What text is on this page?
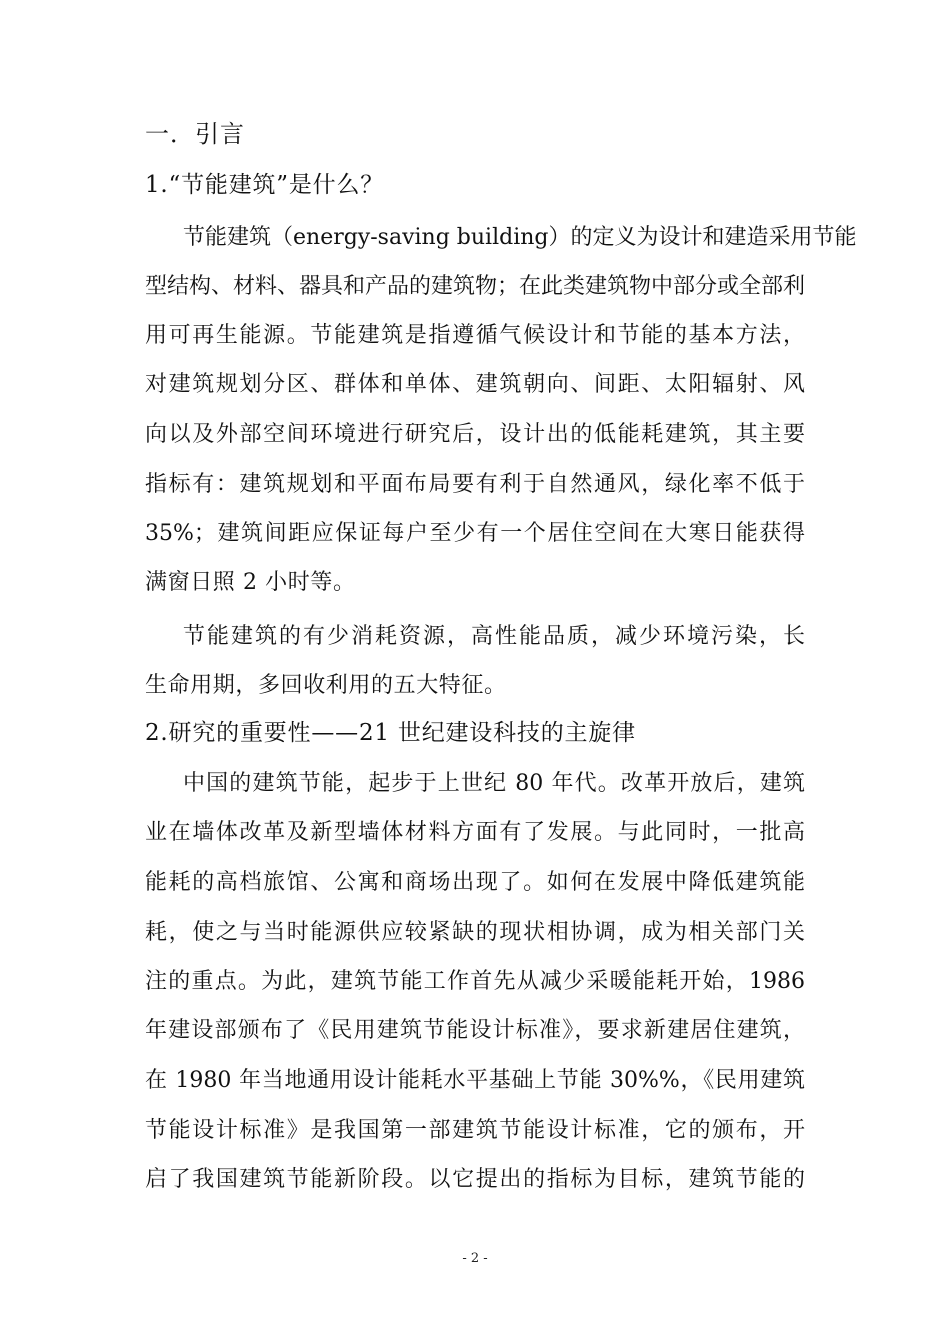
一．引言
1.“节能建筑”是什么？
节能建筑（energy-saving building）的定义为设计和建造采用节能
型结构、材料、器具和产品的建筑物；在此类建筑物中部分或全部利
用可再生能源。节能建筑是指遵循气候设计和节能的基本方法，
对建筑规划分区、群体和单体、建筑朝向、间距、太阳辐射、风
向以及外部空间环境进行研究后，设计出的低能耗建筑，其主要
指标有：建筑规划和平面布局要有利于自然通风，绿化率不低于
35%；建筑间距应保证每户至少有一个居住空间在大寒日能获得
满窗日照 2 小时等。
节能建筑的有少消耗资源，高性能品质，减少环境污染，长
生命用期，多回收利用的五大特征。
2.研究的重要性——21 世纪建设科技的主旋律
中国的建筑节能，起步于上世纪 80 年代。改革开放后，建筑
业在墙体改革及新型墙体材料方面有了发展。与此同时，一批高
能耗的高档旅馆、公寓和商场出现了。如何在发展中降低建筑能
耗，使之与当时能源供应较紧缺的现状相协调，成为相关部门关
注的重点。为此，建筑节能工作首先从减少采暖能耗开始，1986
年建设部颁布了《民用建筑节能设计标准》，要求新建居住建筑，
在 1980 年当地通用设计能耗水平基础上节能 30%%，《民用建筑
节能设计标准》是我国第一部建筑节能设计标准，它的颁布，开
启了我国建筑节能新阶段。以它提出的指标为目标，建筑节能的
- 2 -
